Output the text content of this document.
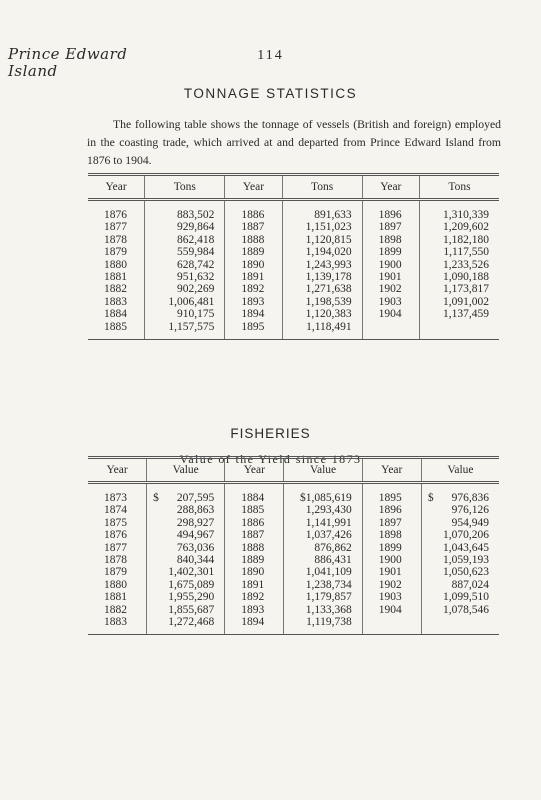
Prince Edward
Island
114
TONNAGE STATISTICS

The following table shows the tonnage of vessels (British and foreign) employed in the coasting trade, which arrived at and departed from Prince Edward Island from 1876 to 1904.

Year	Tons	Year	Tons	Year	Tons
1876	883,502	1886	891,633	1896	1,310,339
1877	929,864	1887	1,151,023	1897	1,209,602
1878	862,418	1888	1,120,815	1898	1,182,180
1879	559,984	1889	1,194,020	1899	1,117,550
1880	628,742	1890	1,243,993	1900	1,233,526
1881	951,632	1891	1,139,178	1901	1,090,188
1882	902,269	1892	1,271,638	1902	1,173,817
1883	1,006,481	1893	1,198,539	1903	1,091,002
1884	910,175	1894	1,120,383	1904	1,137,459
1885	1,157,575	1895	1,118,491		
FISHERIES
Value of the Yield since 1873
Year	Value	Year	Value	Year	Value
1873	$ 207,595	1884	$1,085,619	1895	$ 976,836
1874	288,863	1885	1,293,430	1896	976,126
1875	298,927	1886	1,141,991	1897	954,949
1876	494,967	1887	1,037,426	1898	1,070,206
1877	763,036	1888	876,862	1899	1,043,645
1878	840,344	1889	886,431	1900	1,059,193
1879	1,402,301	1890	1,041,109	1901	1,050,623
1880	1,675,089	1891	1,238,734	1902	887,024
1881	1,955,290	1892	1,179,857	1903	1,099,510
1882	1,855,687	1893	1,133,368	1904	1,078,546
1883	1,272,468	1894	1,119,738		
